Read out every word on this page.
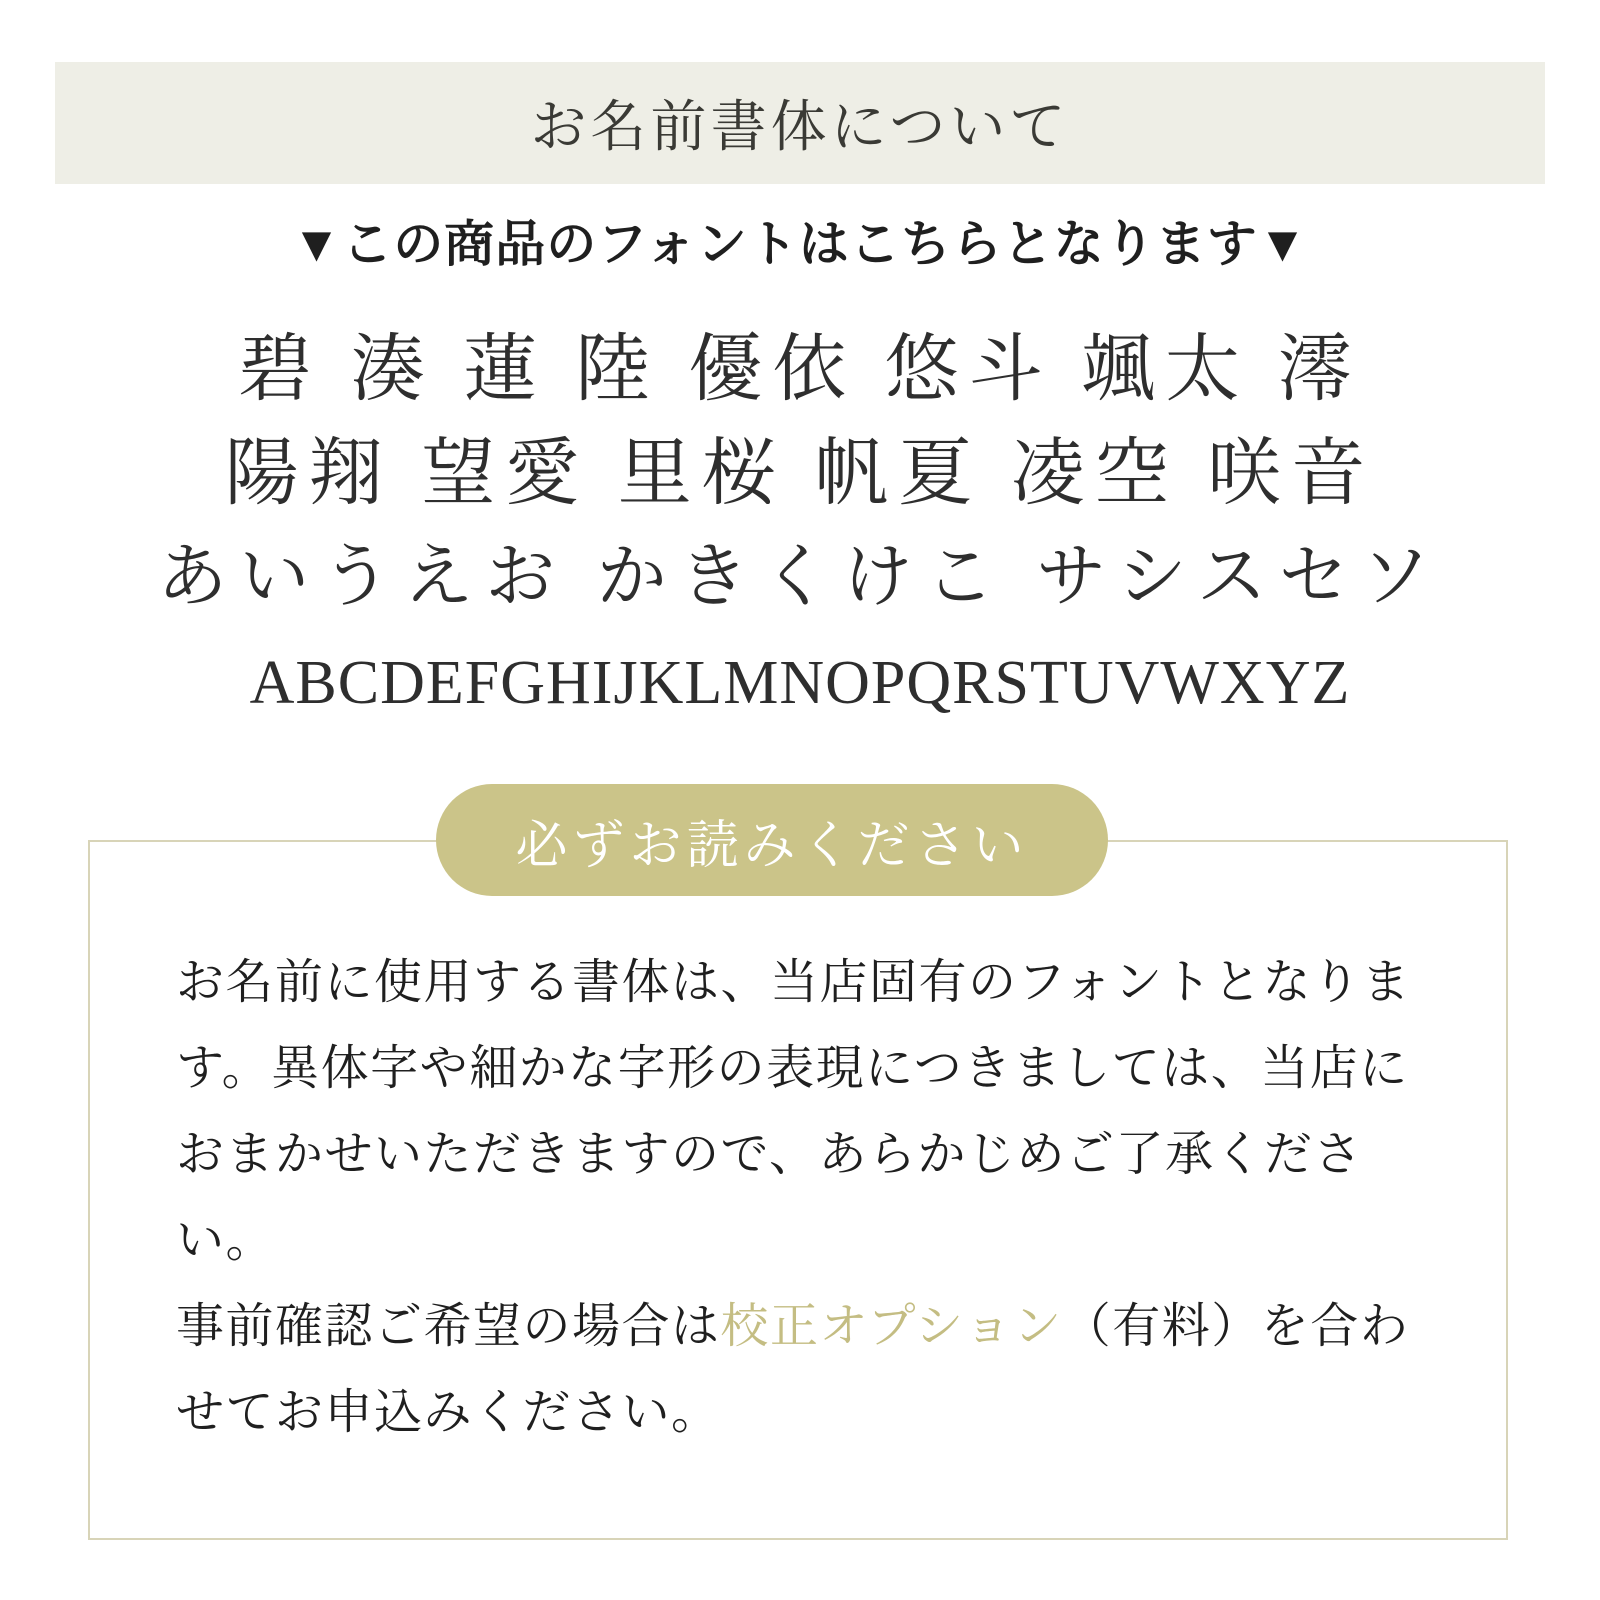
お名前書体について
▼この商品のフォントはこちらとなります▼
碧 湊 蓮 陸 優依 悠斗 颯太 澪
陽翔 望愛 里桜 帆夏 凌空 咲音
あいうえお かきくけこ サシスセソ
ABCDEFGHIJKLMNOPQRSTUVWXYZ
必ずお読みください

お名前に使用する書体は、当店固有のフォントとなります。異体字や細かな字形の表現につきましては、当店におまかせいただきますので、あらかじめご了承ください。

事前確認ご希望の場合は校正オプション（有料）を合わせてお申込みください。
